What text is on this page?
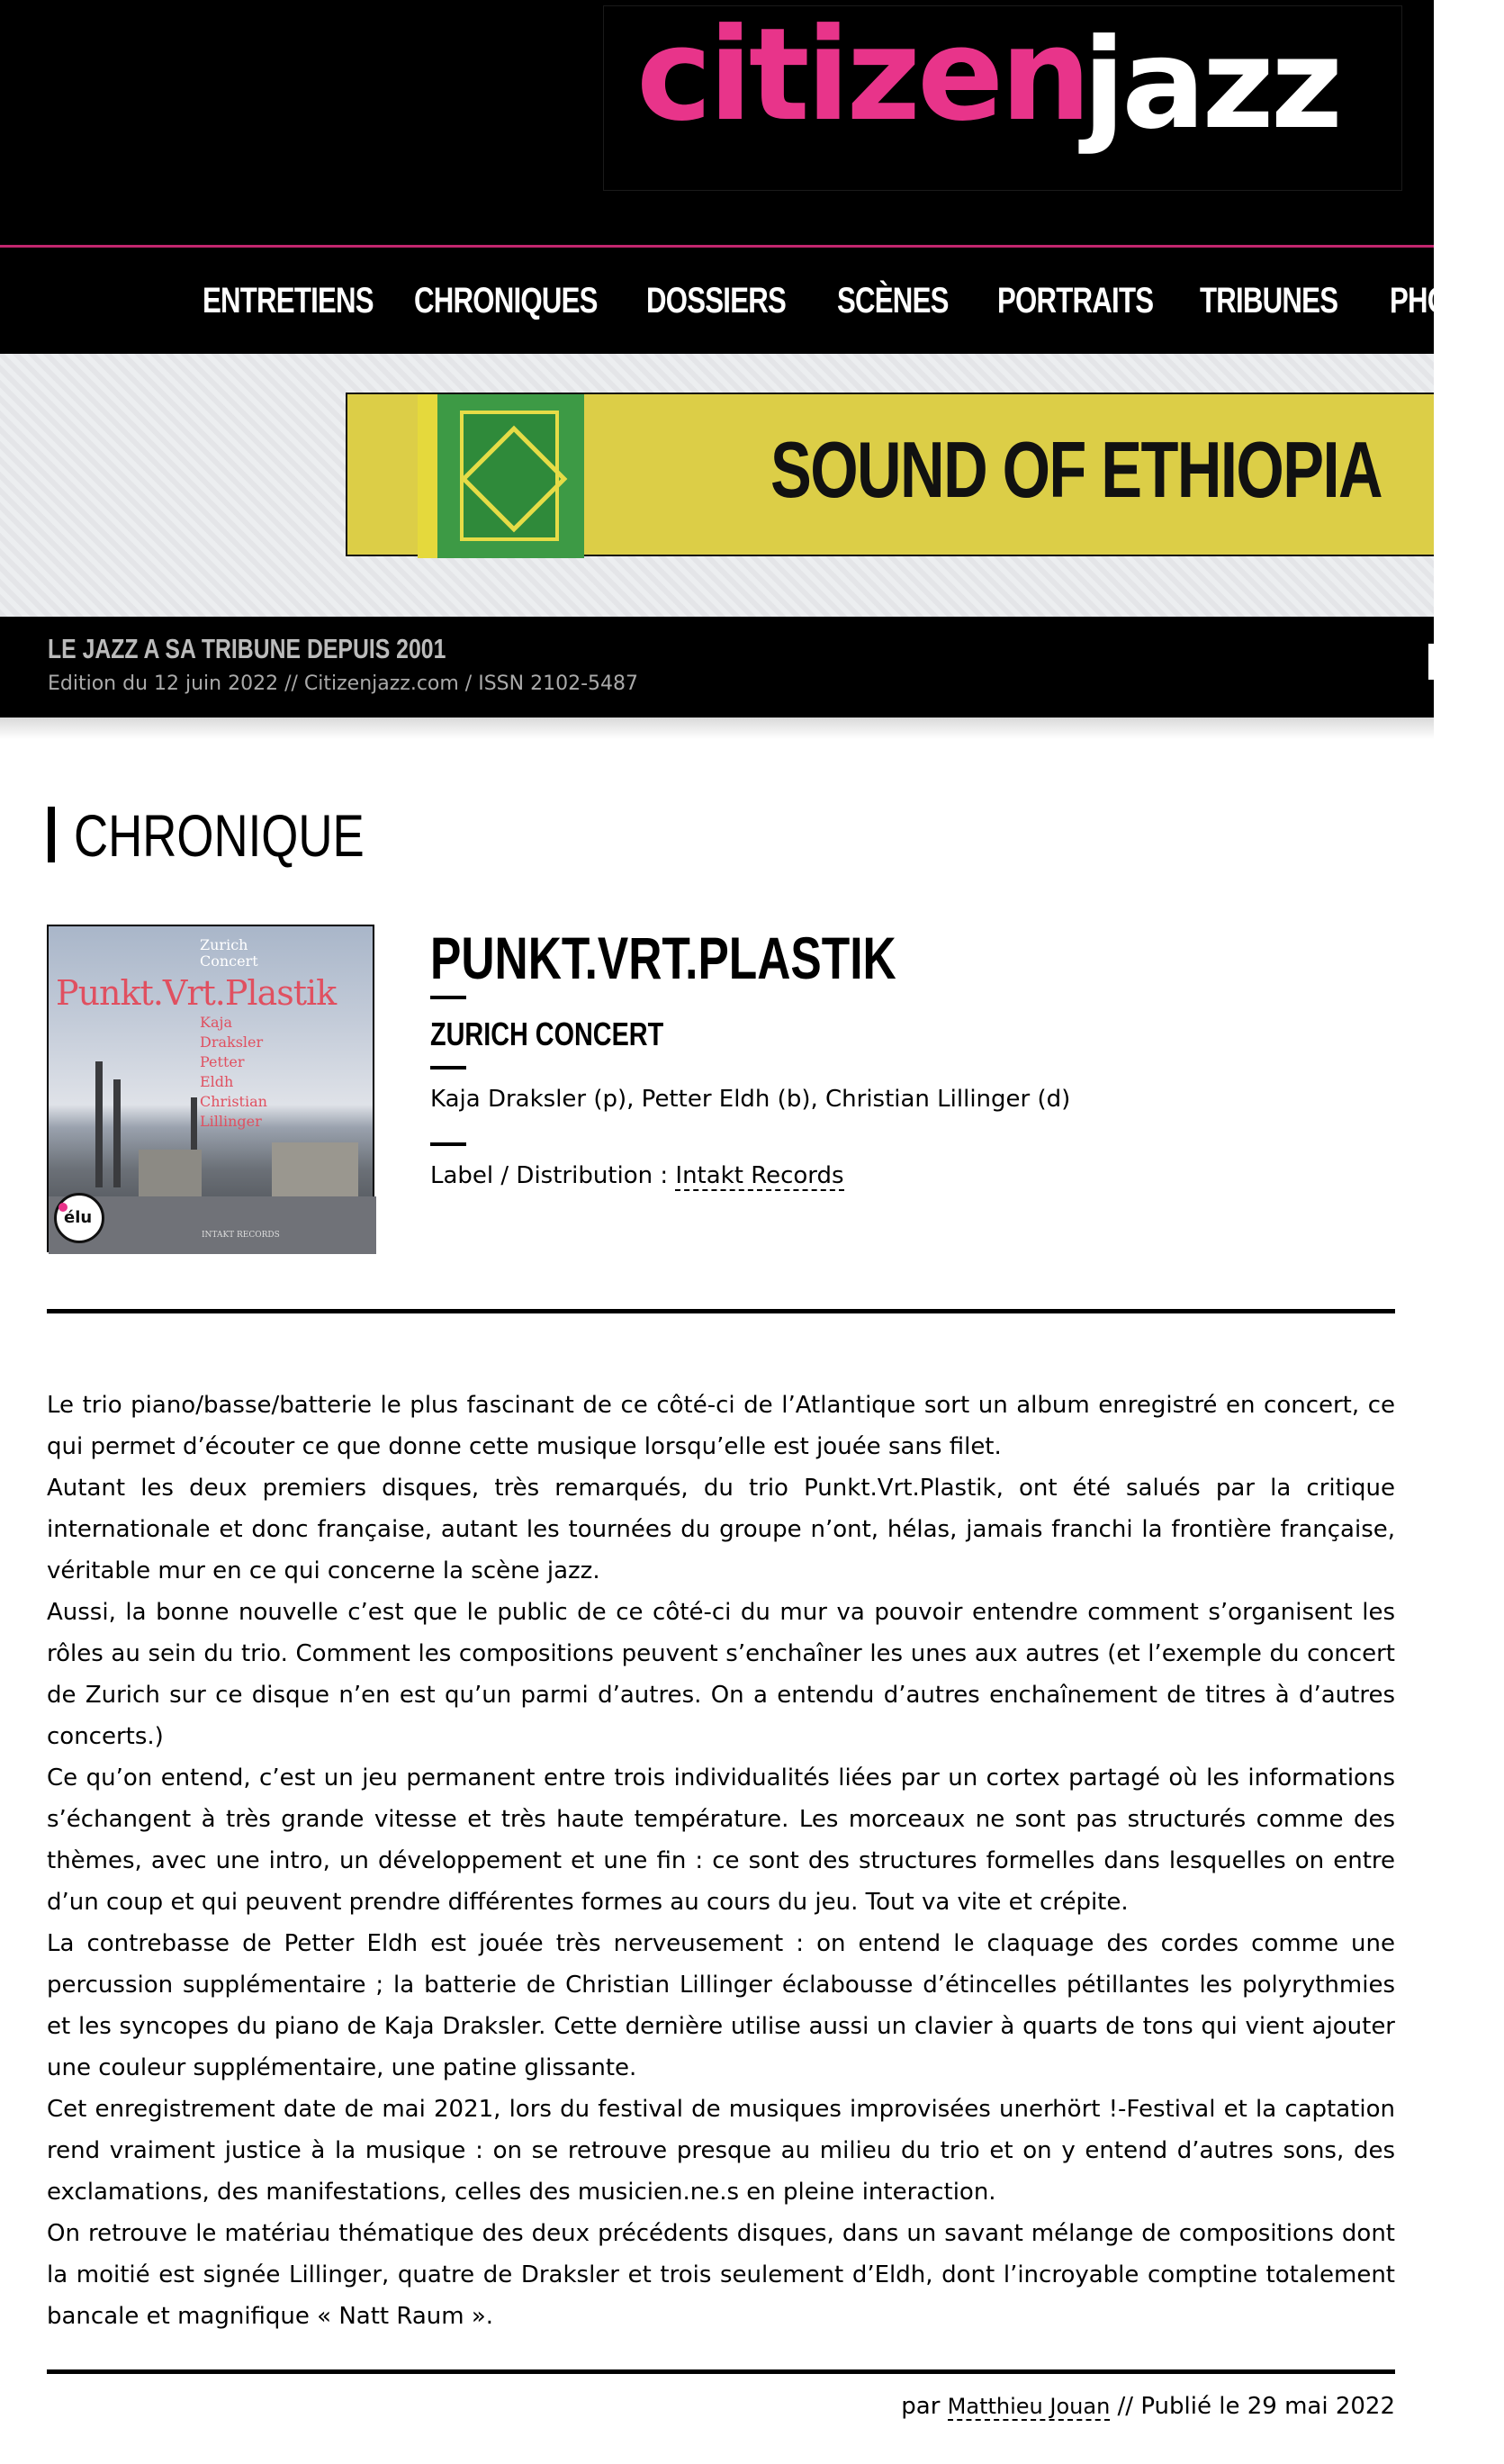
citizen
jazz
ENTRETIENS CHRONIQUES DOSSIERS SCÈNES PORTRAITS TRIBUNES PHOTOS
SOUND OF ETHIOPIA
LE JAZZ A SA TRIBUNE DEPUIS 2001
Edition du 12 juin 2022 // Citizenjazz.com / ISSN 2102-5487
CHRONIQUE
Zurich
Concert
Punkt.Vrt.Plastik
Kaja
Draksler
Petter
Eldh
Christian
Lillinger
INTAKT RECORDS
élu
PUNKT.VRT.PLASTIK
ZURICH CONCERT
Kaja Draksler (p), Petter Eldh (b), Christian Lillinger (d)
Label / Distribution : Intakt Records

Le trio piano/basse/batterie le plus fascinant de ce côté-ci de l’Atlantique sort un album enregistré en concert, ce qui permet d’écouter ce que donne cette musique lorsqu’elle est jouée sans filet.

Autant les deux premiers disques, très remarqués, du trio Punkt.Vrt.Plastik, ont été salués par la critique internationale et donc française, autant les tournées du groupe n’ont, hélas, jamais franchi la frontière française, véritable mur en ce qui concerne la scène jazz.

Aussi, la bonne nouvelle c’est que le public de ce côté-ci du mur va pouvoir entendre comment s’organisent les rôles au sein du trio. Comment les compositions peuvent s’enchaîner les unes aux autres (et l’exemple du concert de Zurich sur ce disque n’en est qu’un parmi d’autres. On a entendu d’autres enchaînement de titres à d’autres concerts.)

Ce qu’on entend, c’est un jeu permanent entre trois individualités liées par un cortex partagé où les informations s’échangent à très grande vitesse et très haute température. Les morceaux ne sont pas structurés comme des thèmes, avec une intro, un développement et une fin : ce sont des structures formelles dans lesquelles on entre d’un coup et qui peuvent prendre différentes formes au cours du jeu. Tout va vite et crépite.

La contrebasse de Petter Eldh est jouée très nerveusement : on entend le claquage des cordes comme une percussion supplémentaire ; la batterie de Christian Lillinger éclabousse d’étincelles pétillantes les polyrythmies et les syncopes du piano de Kaja Draksler. Cette dernière utilise aussi un clavier à quarts de tons qui vient ajouter une couleur supplémentaire, une patine glissante.

Cet enregistrement date de mai 2021, lors du festival de musiques improvisées unerhört !-Festival et la captation rend vraiment justice à la musique : on se retrouve presque au milieu du trio et on y entend d’autres sons, des exclamations, des manifestations, celles des musicien.ne.s en pleine interaction.

On retrouve le matériau thématique des deux précédents disques, dans un savant mélange de compositions dont la moitié est signée Lillinger, quatre de Draksler et trois seulement d’Eldh, dont l’incroyable comptine totalement bancale et magnifique « Natt Raum ».

par Matthieu Jouan // Publié le 29 mai 2022
